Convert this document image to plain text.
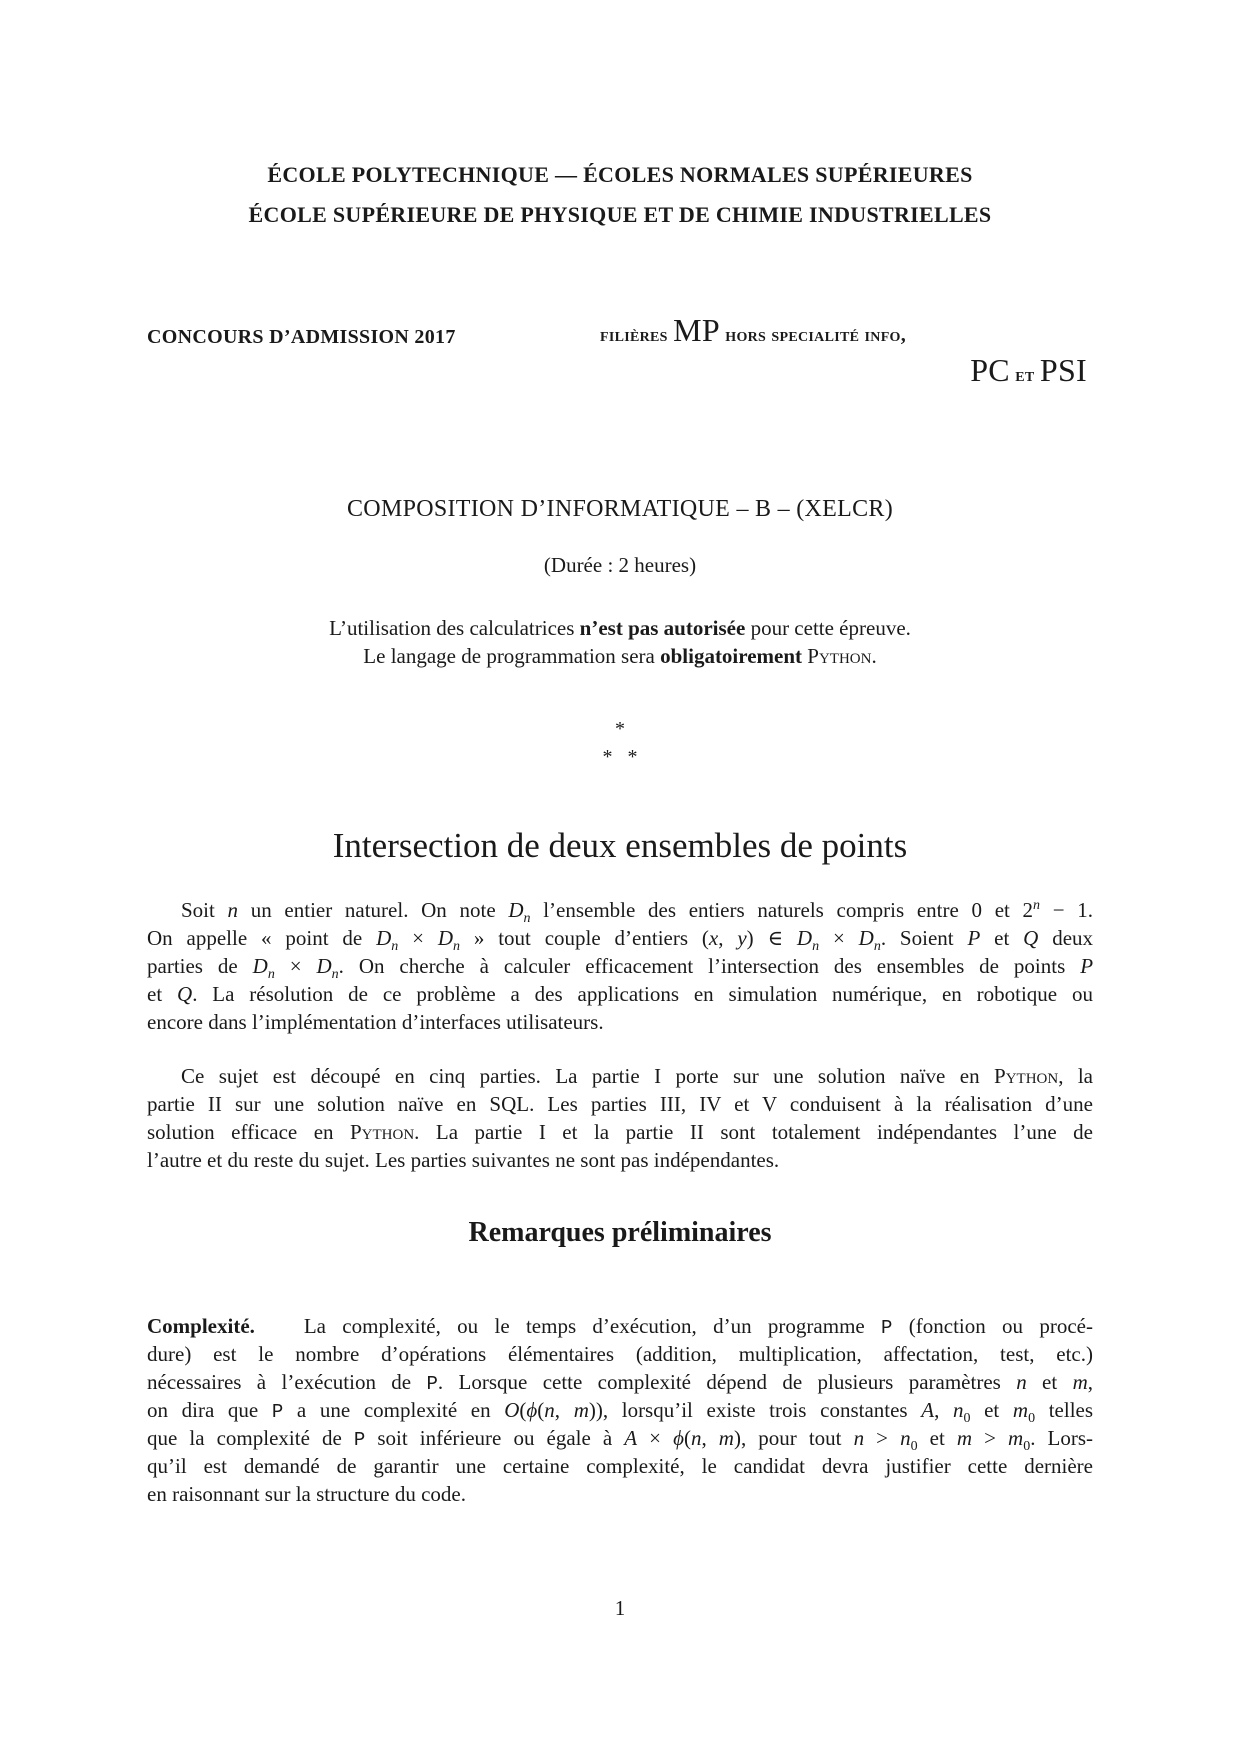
ÉCOLE POLYTECHNIQUE — ÉCOLES NORMALES SUPÉRIEURES
ÉCOLE SUPÉRIEURE DE PHYSIQUE ET DE CHIMIE INDUSTRIELLES
CONCOURS D’ADMISSION 2017	filières MP hors specialité info,
PC et PSI
COMPOSITION D’INFORMATIQUE – B – (XELCR)
(Durée : 2 heures)
L’utilisation des calculatrices n’est pas autorisée pour cette épreuve.
Le langage de programmation sera obligatoirement Python.
*
*   *
Intersection de deux ensembles de points
Soit n un entier naturel. On note $D_n$ l’ensemble des entiers naturels compris entre 0 et $2^n - 1$.
On appelle « point de $D_n \times D_n$ » tout couple d’entiers (x, y) ∈ $D_n \times D_n$. Soient P et Q deux
parties de $D_n \times D_n$. On cherche à calculer efficacement l’intersection des ensembles de points P
et Q. La résolution de ce problème a des applications en simulation numérique, en robotique ou
encore dans l’implémentation d’interfaces utilisateurs.
Ce sujet est découpé en cinq parties. La partie I porte sur une solution naïve en Python, la
partie II sur une solution naïve en SQL. Les parties III, IV et V conduisent à la réalisation d’une
solution efficace en Python. La partie I et la partie II sont totalement indépendantes l’une de
l’autre et du reste du sujet. Les parties suivantes ne sont pas indépendantes.
Remarques préliminaires
Complexité.   La complexité, ou le temps d’exécution, d’un programme P (fonction ou procé-
dure) est le nombre d’opérations élémentaires (addition, multiplication, affectation, test, etc.)
nécessaires à l’exécution de P. Lorsque cette complexité dépend de plusieurs paramètres n et m,
on dira que P a une complexité en O(ϕ(n, m)), lorsqu’il existe trois constantes A, $n_0$ et $m_0$ telles
que la complexité de P soit inférieure ou égale à A × ϕ(n, m), pour tout $n > n_0$ et $m > m_0$. Lors-
qu’il est demandé de garantir une certaine complexité, le candidat devra justifier cette dernière
en raisonnant sur la structure du code.
1
